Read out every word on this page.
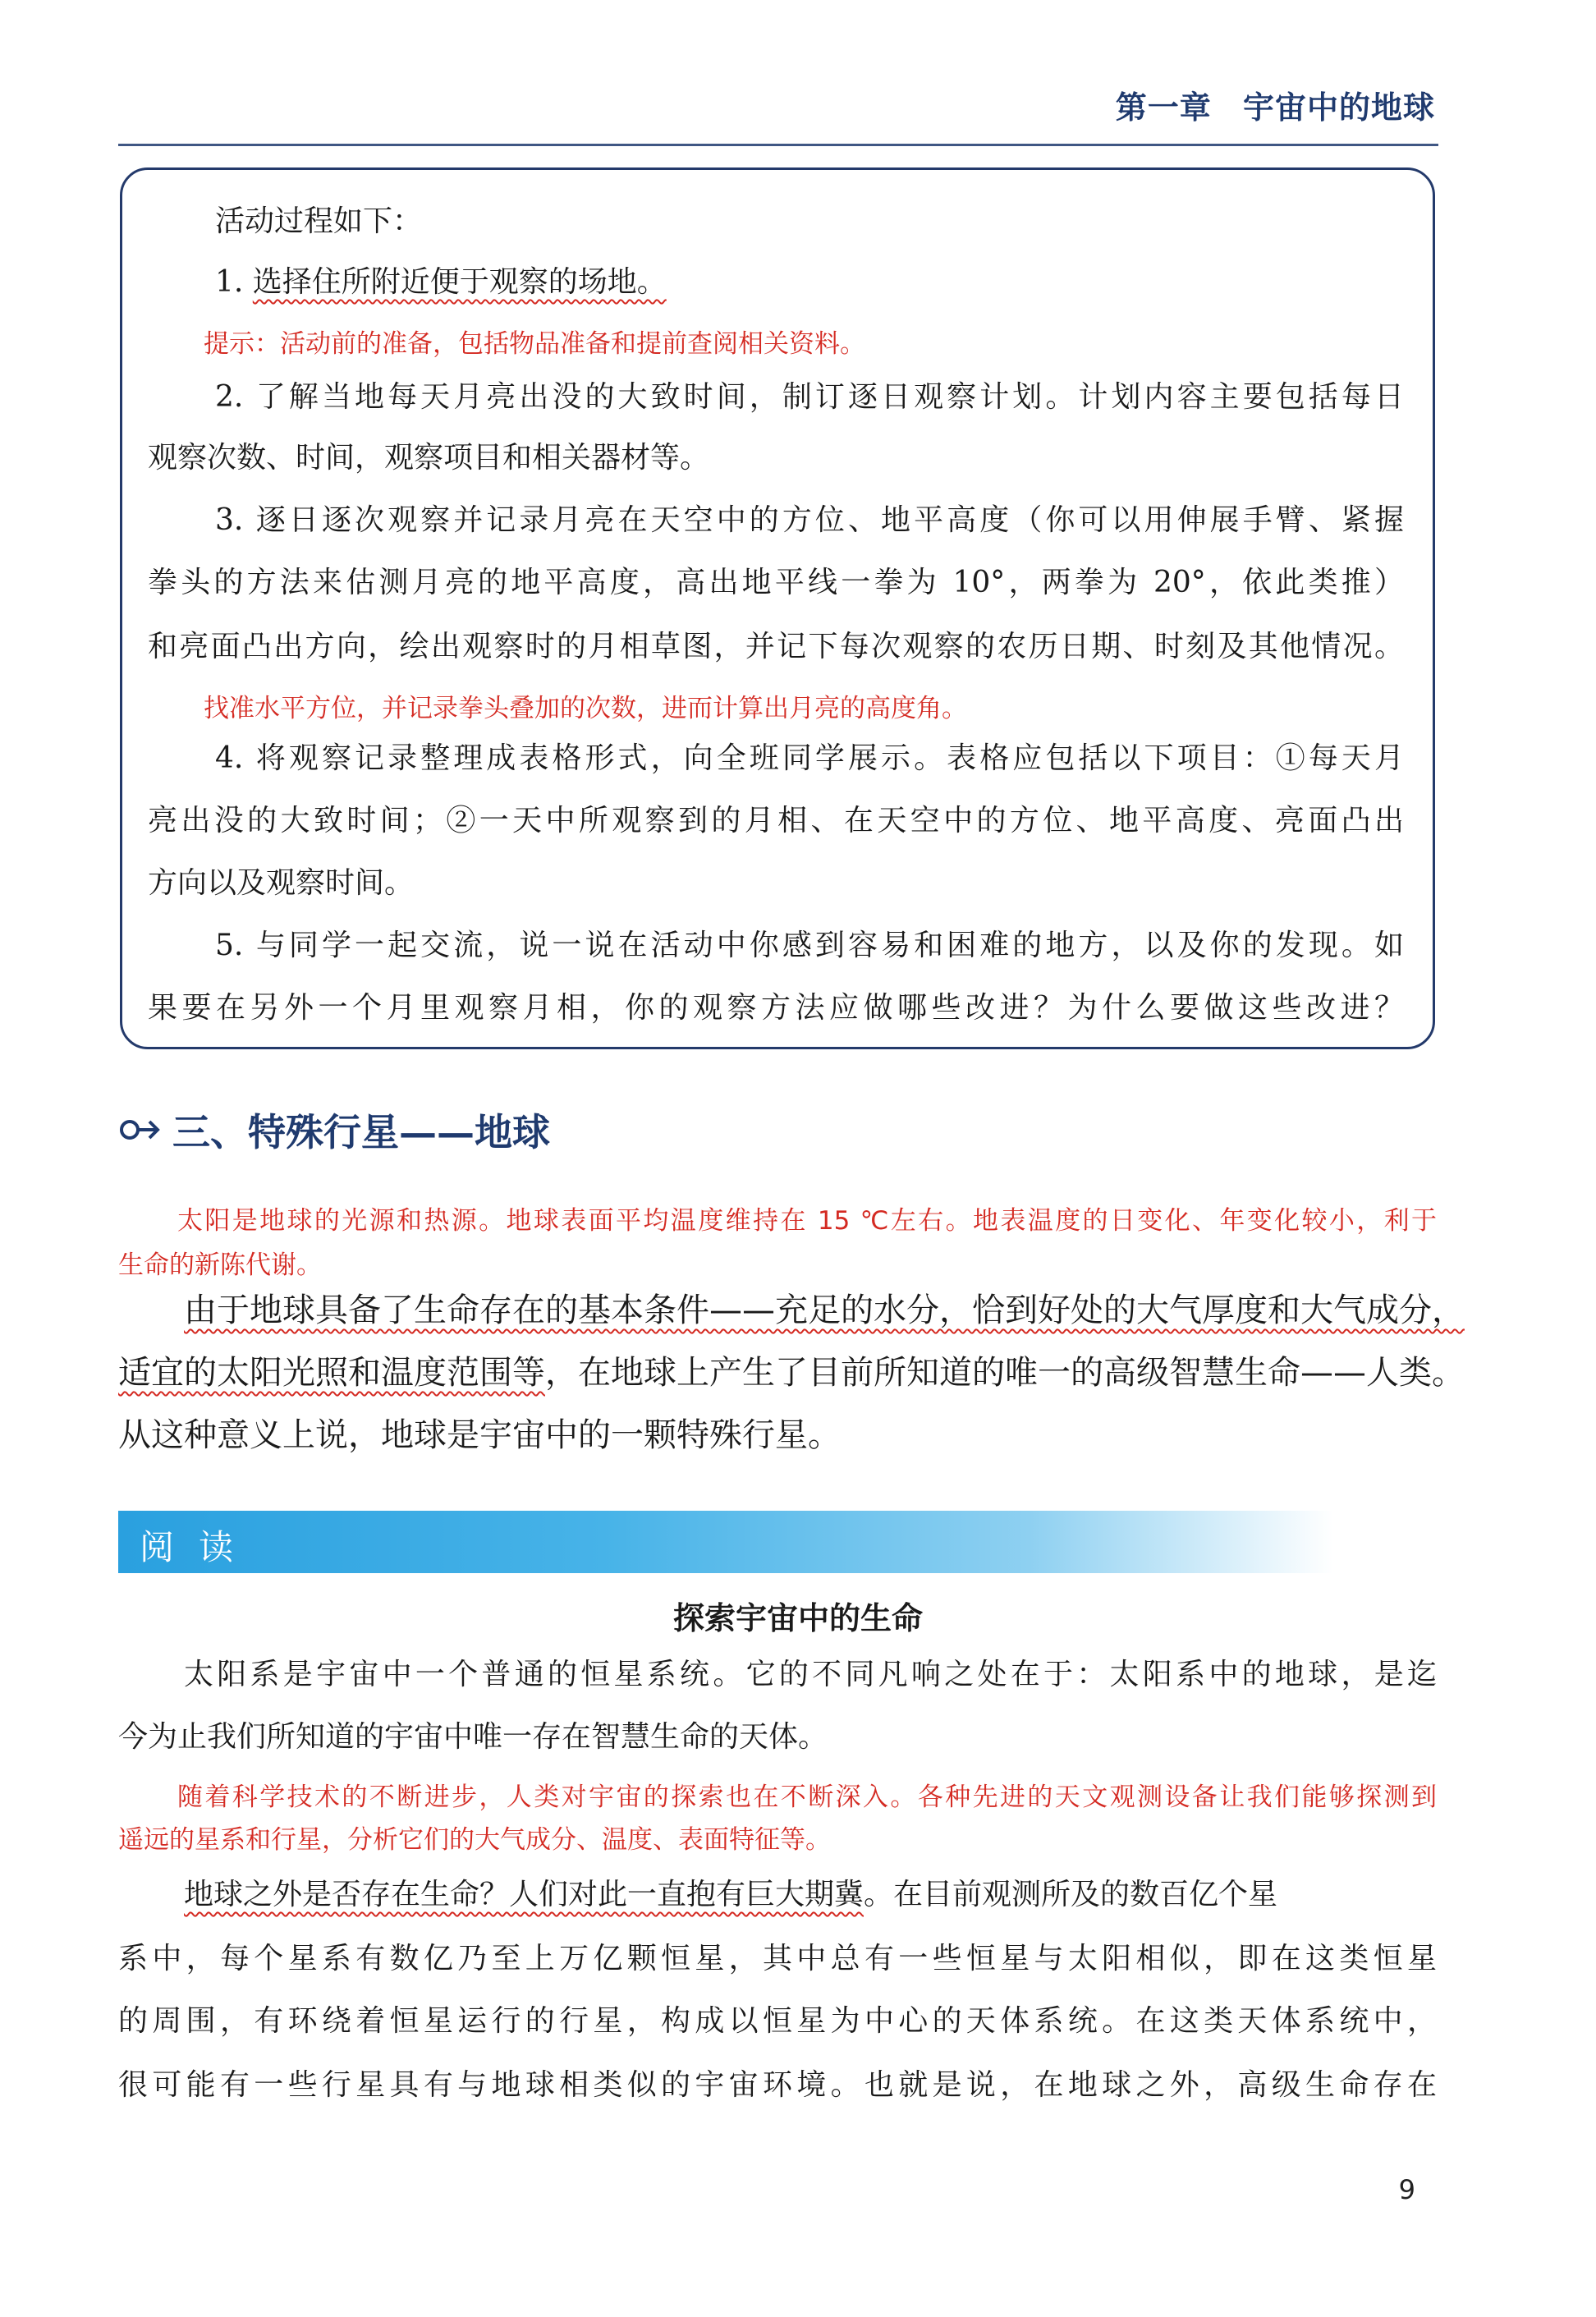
第一章 宇宙中的地球
活动过程如下：
1. 选择住所附近便于观察的场地。
提示：活动前的准备，包括物品准备和提前查阅相关资料。
2. 了解当地每天月亮出没的大致时间，制订逐日观察计划。计划内容主要包括每日
观察次数、时间，观察项目和相关器材等。
3. 逐日逐次观察并记录月亮在天空中的方位、地平高度（你可以用伸展手臂、紧握
拳头的方法来估测月亮的地平高度，高出地平线一拳为 10°，两拳为 20°，依此类推）
和亮面凸出方向，绘出观察时的月相草图，并记下每次观察的农历日期、时刻及其他情况。
找准水平方位，并记录拳头叠加的次数，进而计算出月亮的高度角。
4. 将观察记录整理成表格形式，向全班同学展示。表格应包括以下项目：①每天月
亮出没的大致时间；②一天中所观察到的月相、在天空中的方位、地平高度、亮面凸出
方向以及观察时间。
5. 与同学一起交流，说一说在活动中你感到容易和困难的地方，以及你的发现。如
果要在另外一个月里观察月相，你的观察方法应做哪些改进？为什么要做这些改进？
三、特殊行星——地球
太阳是地球的光源和热源。地球表面平均温度维持在 15 ℃左右。地表温度的日变化、年变化较小，利于
生命的新陈代谢。
由于地球具备了生命存在的基本条件——充足的水分，恰到好处的大气厚度和大气成分，
适宜的太阳光照和温度范围等，在地球上产生了目前所知道的唯一的高级智慧生命——人类。
从这种意义上说，地球是宇宙中的一颗特殊行星。
阅读
探索宇宙中的生命
太阳系是宇宙中一个普通的恒星系统。它的不同凡响之处在于：太阳系中的地球，是迄
今为止我们所知道的宇宙中唯一存在智慧生命的天体。
随着科学技术的不断进步，人类对宇宙的探索也在不断深入。各种先进的天文观测设备让我们能够探测到
遥远的星系和行星，分析它们的大气成分、温度、表面特征等。
地球之外是否存在生命？人们对此一直抱有巨大期冀。在目前观测所及的数百亿个星
系中，每个星系有数亿乃至上万亿颗恒星，其中总有一些恒星与太阳相似，即在这类恒星
的周围，有环绕着恒星运行的行星，构成以恒星为中心的天体系统。在这类天体系统中，
很可能有一些行星具有与地球相类似的宇宙环境。也就是说，在地球之外，高级生命存在
9
